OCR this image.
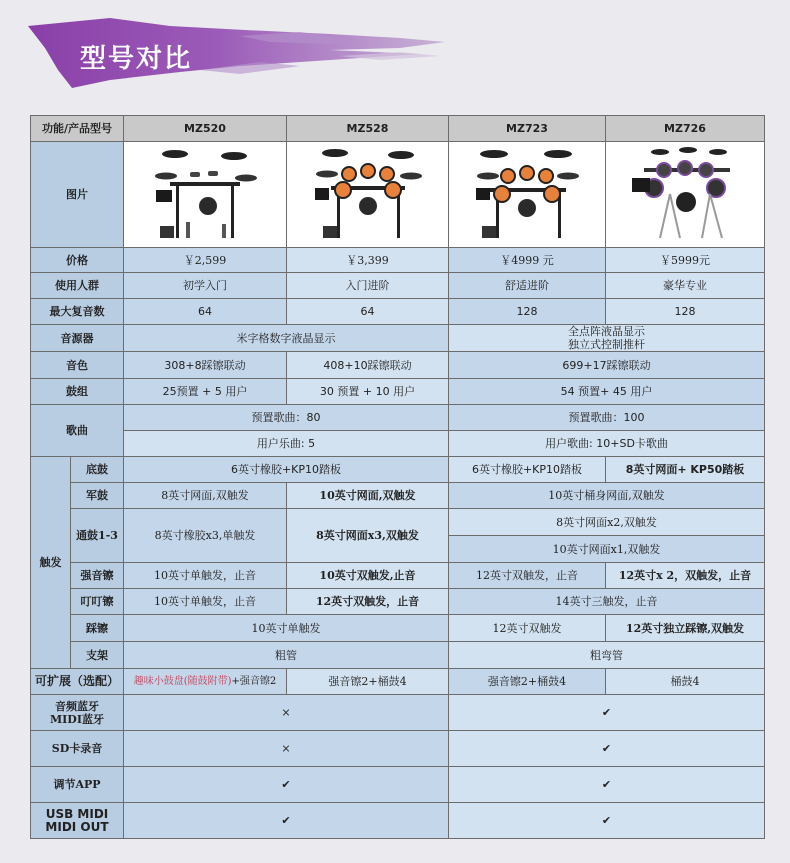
型号对比
功能/产品型号		MZ520	MZ528	MZ723	MZ726
图片				
价格		￥2,599	￥3,399	￥4999 元	￥5999元
使用人群		初学入门	入门进阶	舒适进阶	豪华专业
最大复音数		64	64	128	128
音源器		米字格数字液晶显示		全点阵液晶显示
独立式控制推杆	

音色		308+8踩镲联动	408+10踩镲联动	699+17踩镲联动	
鼓组		25预置 + 5 用户	30 预置 + 10 用户	54 预置+ 45 用户	
歌曲		预置歌曲：80		预置歌曲：100	
		用户乐曲: 5		用户歌曲: 10+SD卡歌曲	
触发	底鼓	6英寸橡胶+KP10踏板		6英寸橡胶+KP10踏板	8英寸网面+ KP50踏板
	军鼓	8英寸网面,双触发	10英寸网面,双触发	10英寸桶身网面,双触发	
	通鼓1-3	8英寸橡胶x3,单触发	8英寸网面x3,双触发	8英寸网面x2,双触发	
				10英寸网面x1,双触发	
	强音镲	10英寸单触发，止音	10英寸双触发,止音	12英寸双触发，止音	12英寸x 2，双触发，止音
	叮叮镲	10英寸单触发，止音	12英寸双触发，止音	14英寸三触发，止音	
	踩镲	10英寸单触发		12英寸双触发	12英寸独立踩镲,双触发
	支架	粗管		粗弯管	
可扩展（选配）		趣味小鼓盘(随鼓附带)+强音镲2	强音镲2+桶鼓4	强音镲2+桶鼓4	桶鼓4

音频蓝牙
MIDI蓝牙		×		✔	
SD卡录音		×		✔	
调节APP		✔		✔	

USB MIDI
MIDI OUT		✔		✔	
